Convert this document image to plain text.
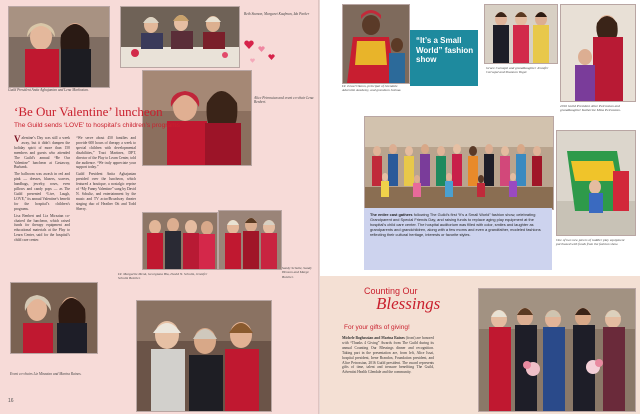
Guild President Anita Aghajanian and Lena Markosian.
Beth Stumon, Margaret Kaufman, Ida Parker
Alice Petrossian and event co-chair Lena Benbert.
‘Be Our Valentine’ luncheon
The Guild sends ‘LOVE’ to hospital’s children’s programs

Valentine’s Day was still a week away, but it didn’t dampen the holiday spirit of more than 150 members and guests who attended The Guild’s annual “Be Our Valentine” luncheon at Castaway, Burbank.

The ballroom was awash in red and pink — dresses, blazers, scarves, handbags, jewelry, roses, even pillows and candy pops — as The Guild presented “Live, Laugh, LOVE,” its annual Valentine’s benefit for the hospital’s children’s programs.

Lisa Benbert and Liz Mirzaian co-chaired the luncheon, which raised funds for therapy equipment and educational materials at the Play to Learn Center, said for the hospital’s child care center.

“We serve about 450 families and provide 600 hours of therapy a week to special children with developmental disabilities,” Traci Martinez, DPT, director of the Play to Learn Center, told the audience. “We truly appreciate your support today.”

Guild President Anita Aghajanian presided over the luncheon, which featured a boutique, a nostalgic reprise of “My Funny Valentine” sung by David N. Schultz, and entertainment by the music and TV actor/Broadway theater singing duo of Heather Ott and Todd Sherry.

Sandy Schultz, Sandy Henson and Marge Butcher.
Dr. Margarite Menk, Georgiana Bla, David N. Schultz, Jennifer Schultz Bemiler.
Event co-chairs Liz Mirzaian and Marina Raines.
16
Dr. Israel Okonn, principal of Glendale Adventist Academy, and grandson Joshua.
“It’s a Small World” fashion show
Grace Carvajal and granddaughter Jennifer Carvajal and Shannon Vogel.
2016 Guild President Alice Petrossian and granddaughter Katherine Mina Petrossian.
One of two new pieces of toddler play equipment purchased with funds from the fashion show.
The entire cast gathers following The Guild’s first “It’s a Small World” fashion show, celebrating Grandparent and Special Friends Day, and raising funds to replace aging play equipment at the hospital’s child care center. The hospital auditorium was filled with color, smiles and laughter as grandparents and grandchildren, along with a few moms and even a grandfather, modeled fashions reflecting their cultural heritage, interests or favorite styles.
Counting Our
Blessings
For your gifts of giving!
Michele Boghossian and Marina Raines (front) are honored with “Thanks 4 Giving” Awards from The Guild during its annual Counting Our Blessings dinner and recognition. Taking part in the presentation are, from left, Alice Issai, hospital president, Irene Brandon, Foundation president, and Alice Petrossian, 2016 Guild president. The award represents gifts of time, talent and treasure benefiting The Guild, Adventist Health Glendale and the community.
